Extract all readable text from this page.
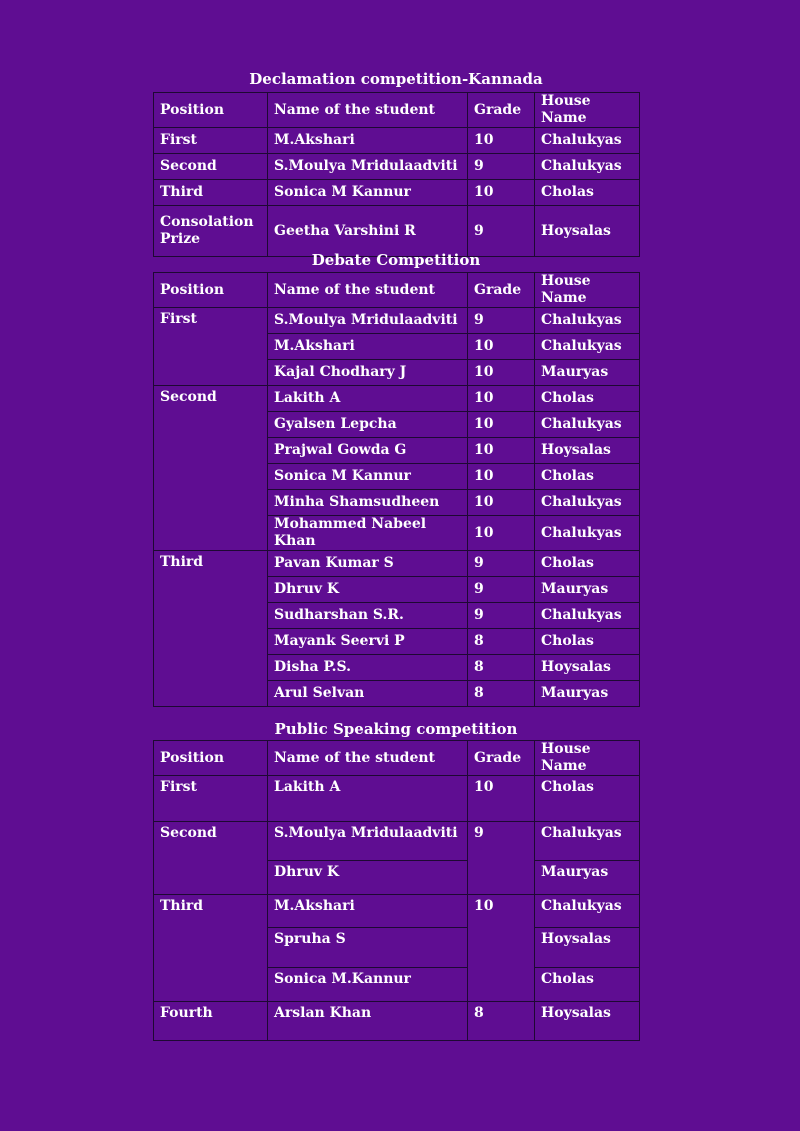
Declamation competition-Kannada
Position	Name of the student	Grade	House Name
First	M.Akshari	10	Chalukyas
Second	S.Moulya Mridulaadviti	9	Chalukyas
Third	Sonica M Kannur	10	Cholas
Consolation Prize	Geetha Varshini R	9	Hoysalas
Debate Competition
Position	Name of the student	Grade	House Name

First	S.Moulya Mridulaadviti	9	Chalukyas
	M.Akshari	10	Chalukyas
	Kajal Chodhary J	10	Mauryas

Second	Lakith A	10	Cholas
	Gyalsen Lepcha	10	Chalukyas
	Prajwal Gowda G	10	Hoysalas
	Sonica M Kannur	10	Cholas
	Minha Shamsudheen	10	Chalukyas
	Mohammed Nabeel Khan	10	Chalukyas

Third	Pavan Kumar S	9	Cholas
	Dhruv K	9	Mauryas
	Sudharshan S.R.	9	Chalukyas
	Mayank Seervi P	8	Cholas
	Disha P.S.	8	Hoysalas
	Arul Selvan	8	Mauryas
Public Speaking competition
Position	Name of the student	Grade	House Name

First	Lakith A	10	Cholas

Second	S.Moulya Mridulaadviti	9	Chalukyas

	Dhruv K		Mauryas

Third	M.Akshari	10	Chalukyas

	Spruha S		Hoysalas

	Sonica M.Kannur		Cholas

Fourth	Arslan Khan	8	Hoysalas
